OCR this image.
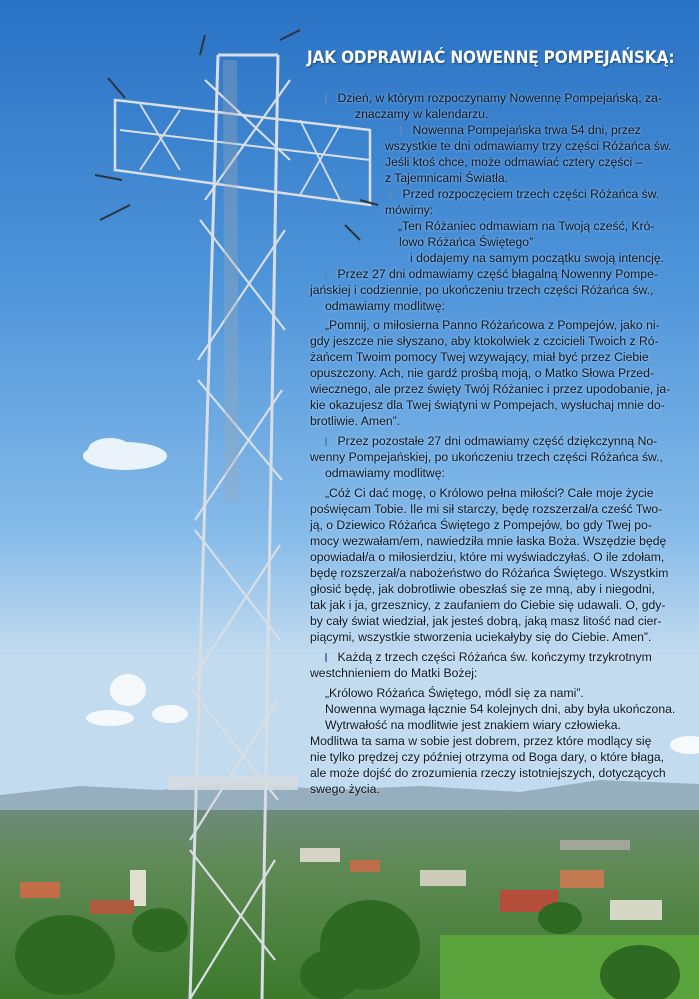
JAK ODPRAWIAĆ NOWENNĘ POMPEJAŃSKĄ:
Dzień, w którym rozpoczynamy Nowennę Pompejańską, za-
znaczamy w kalendarzu.
Nowenna Pompejańska trwa 54 dni, przez
wszystkie te dni odmawiamy trzy części Różańca św.
Jeśli ktoś chce, może odmawiać cztery części –
z Tajemnicami Światła.
Przed rozpoczęciem trzech części Różańca św.
mówimy:
„Ten Różaniec odmawiam na Twoją cześć, Kró-
lowo Różańca Świętego”
i dodajemy na samym początku swoją intencję.
Przez 27 dni odmawiamy część błagalną Nowenny Pompe-
jańskiej i codziennie, po ukończeniu trzech części Różańca św.,
odmawiamy modlitwę:
„Pomnij, o miłosierna Panno Różańcowa z Pompejów, jako ni-
gdy jeszcze nie słyszano, aby ktokolwiek z czcicieli Twoich z Ró-
żańcem Twoim pomocy Twej wzywający, miał być przez Ciebie
opuszczony. Ach, nie gardź prośbą moją, o Matko Słowa Przed-
wiecznego, ale przez święty Twój Różaniec i przez upodobanie, ja-
kie okazujesz dla Twej świątyni w Pompejach, wysłuchaj mnie do-
brotliwie. Amen”.
Przez pozostałe 27 dni odmawiamy część dziękczynną No-
wenny Pompejańskiej, po ukończeniu trzech części Różańca św.,
odmawiamy modlitwę:
„Cóż Ci dać mogę, o Królowo pełna miłości? Całe moje życie
poświęcam Tobie. Ile mi sił starczy, będę rozszerzał/a cześć Two-
ją, o Dziewico Różańca Świętego z Pompejów, bo gdy Twej po-
mocy wezwałam/em, nawiedziła mnie łaska Boża. Wszędzie będę
opowiadał/a o miłosierdziu, które mi wyświadczyłaś. O ile zdołam,
będę rozszerzał/a nabożeństwo do Różańca Świętego. Wszystkim
głosić będę, jak dobrotliwie obeszłaś się ze mną, aby i niegodni,
tak jak i ja, grzesznicy, z zaufaniem do Ciebie się udawali. O, gdy-
by cały świat wiedział, jak jesteś dobrą, jaką masz litość nad cier-
piącymi, wszystkie stworzenia uciekałyby się do Ciebie. Amen”.
Każdą z trzech części Różańca św. kończymy trzykrotnym
westchnieniem do Matki Bożej:
„Królowo Różańca Świętego, módl się za nami”.
Nowenna wymaga łącznie 54 kolejnych dni, aby była ukończona.
Wytrwałość na modlitwie jest znakiem wiary człowieka.
Modlitwa ta sama w sobie jest dobrem, przez które modlący się
nie tylko prędzej czy później otrzyma od Boga dary, o które błaga,
ale może dojść do zrozumienia rzeczy istotniejszych, dotyczących
swego życia.
